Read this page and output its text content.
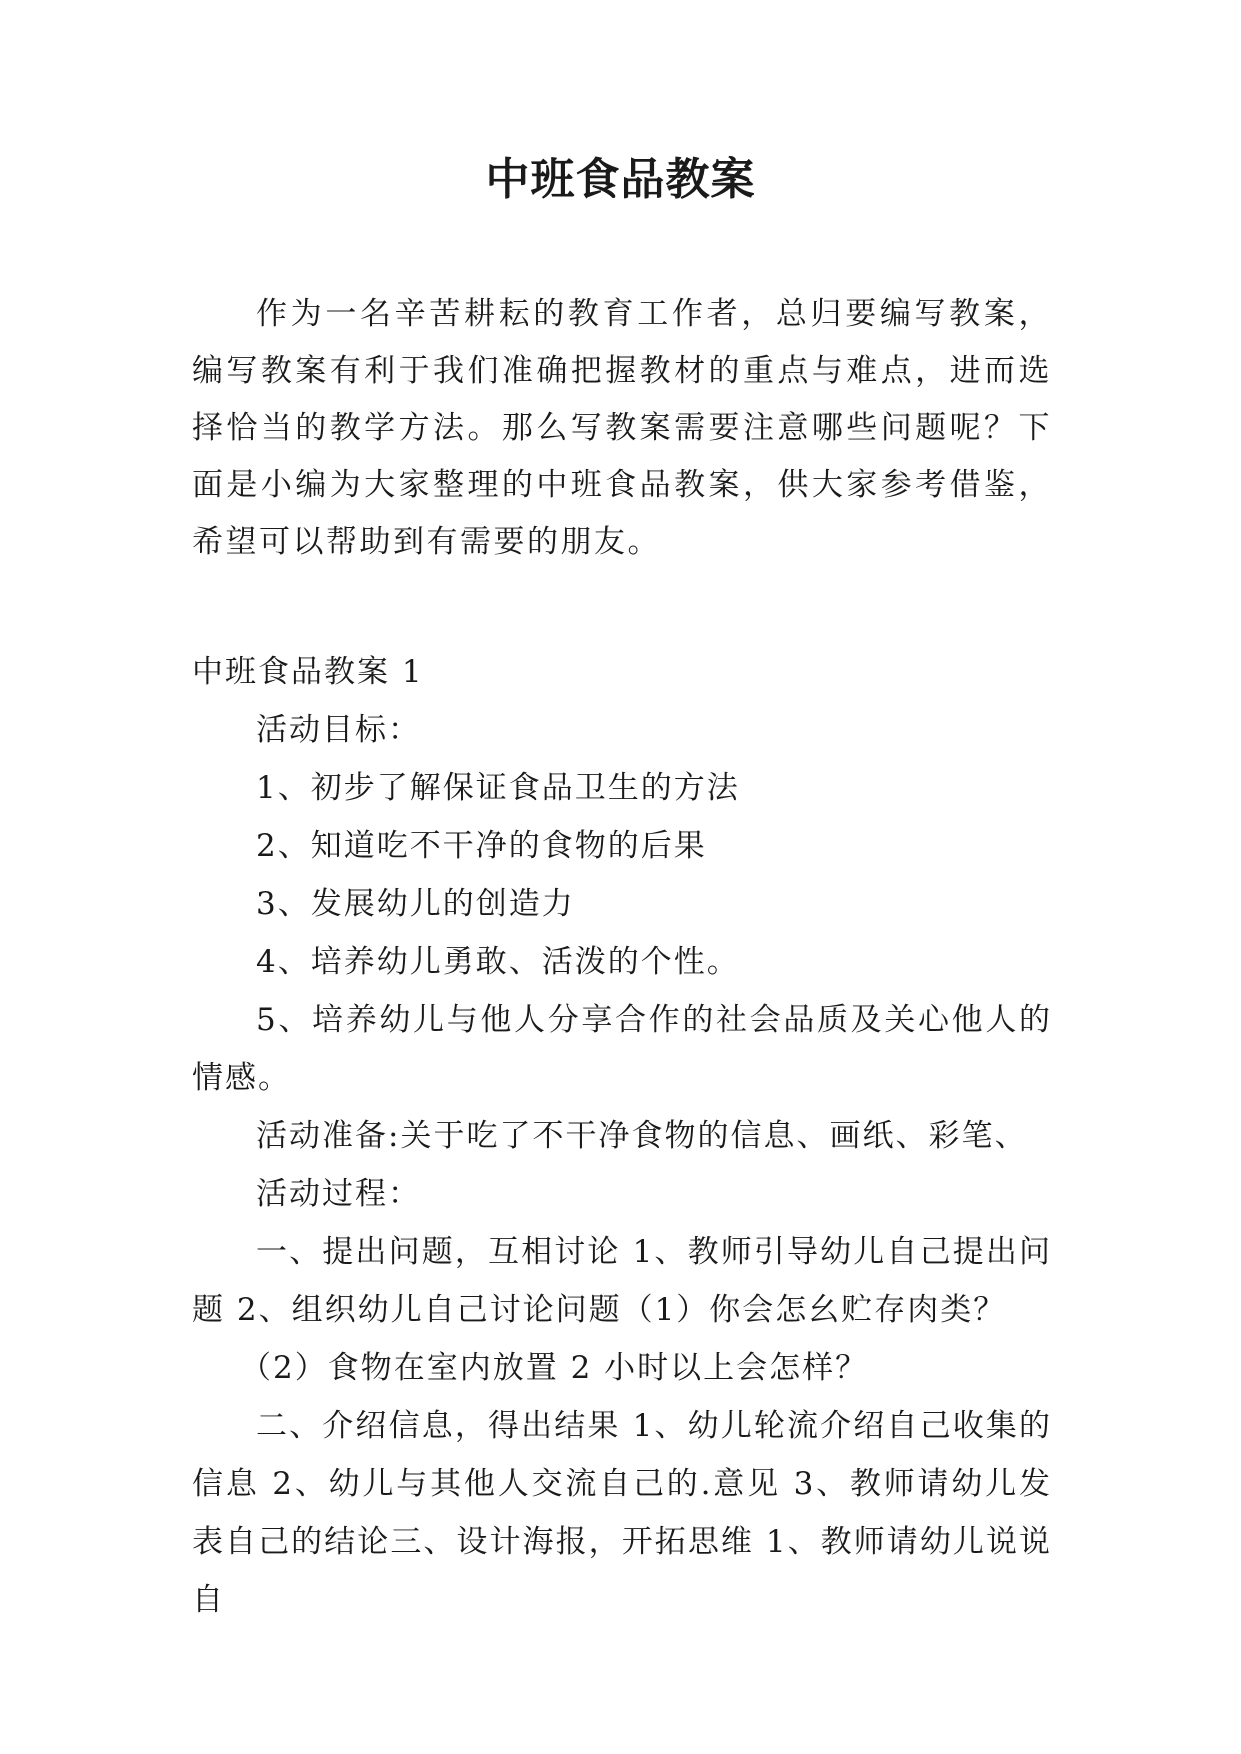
中班食品教案

作为一名辛苦耕耘的教育工作者，总归要编写教案，编写教案有利于我们准确把握教材的重点与难点，进而选择恰当的教学方法。那么写教案需要注意哪些问题呢？下面是小编为大家整理的中班食品教案，供大家参考借鉴，希望可以帮助到有需要的朋友。

中班食品教案 1

活动目标：

1、初步了解保证食品卫生的方法

2、知道吃不干净的食物的后果

3、发展幼儿的创造力

4、培养幼儿勇敢、活泼的个性。

5、培养幼儿与他人分享合作的社会品质及关心他人的情感。

活动准备:关于吃了不干净食物的信息、画纸、彩笔、

活动过程：

一、提出问题，互相讨论 1、教师引导幼儿自己提出问题 2、组织幼儿自己讨论问题（1）你会怎幺贮存肉类？

（2）食物在室内放置 2 小时以上会怎样？

二、介绍信息，得出结果 1、幼儿轮流介绍自己收集的信息 2、幼儿与其他人交流自己的.意见 3、教师请幼儿发表自己的结论三、设计海报，开拓思维 1、教师请幼儿说说自
